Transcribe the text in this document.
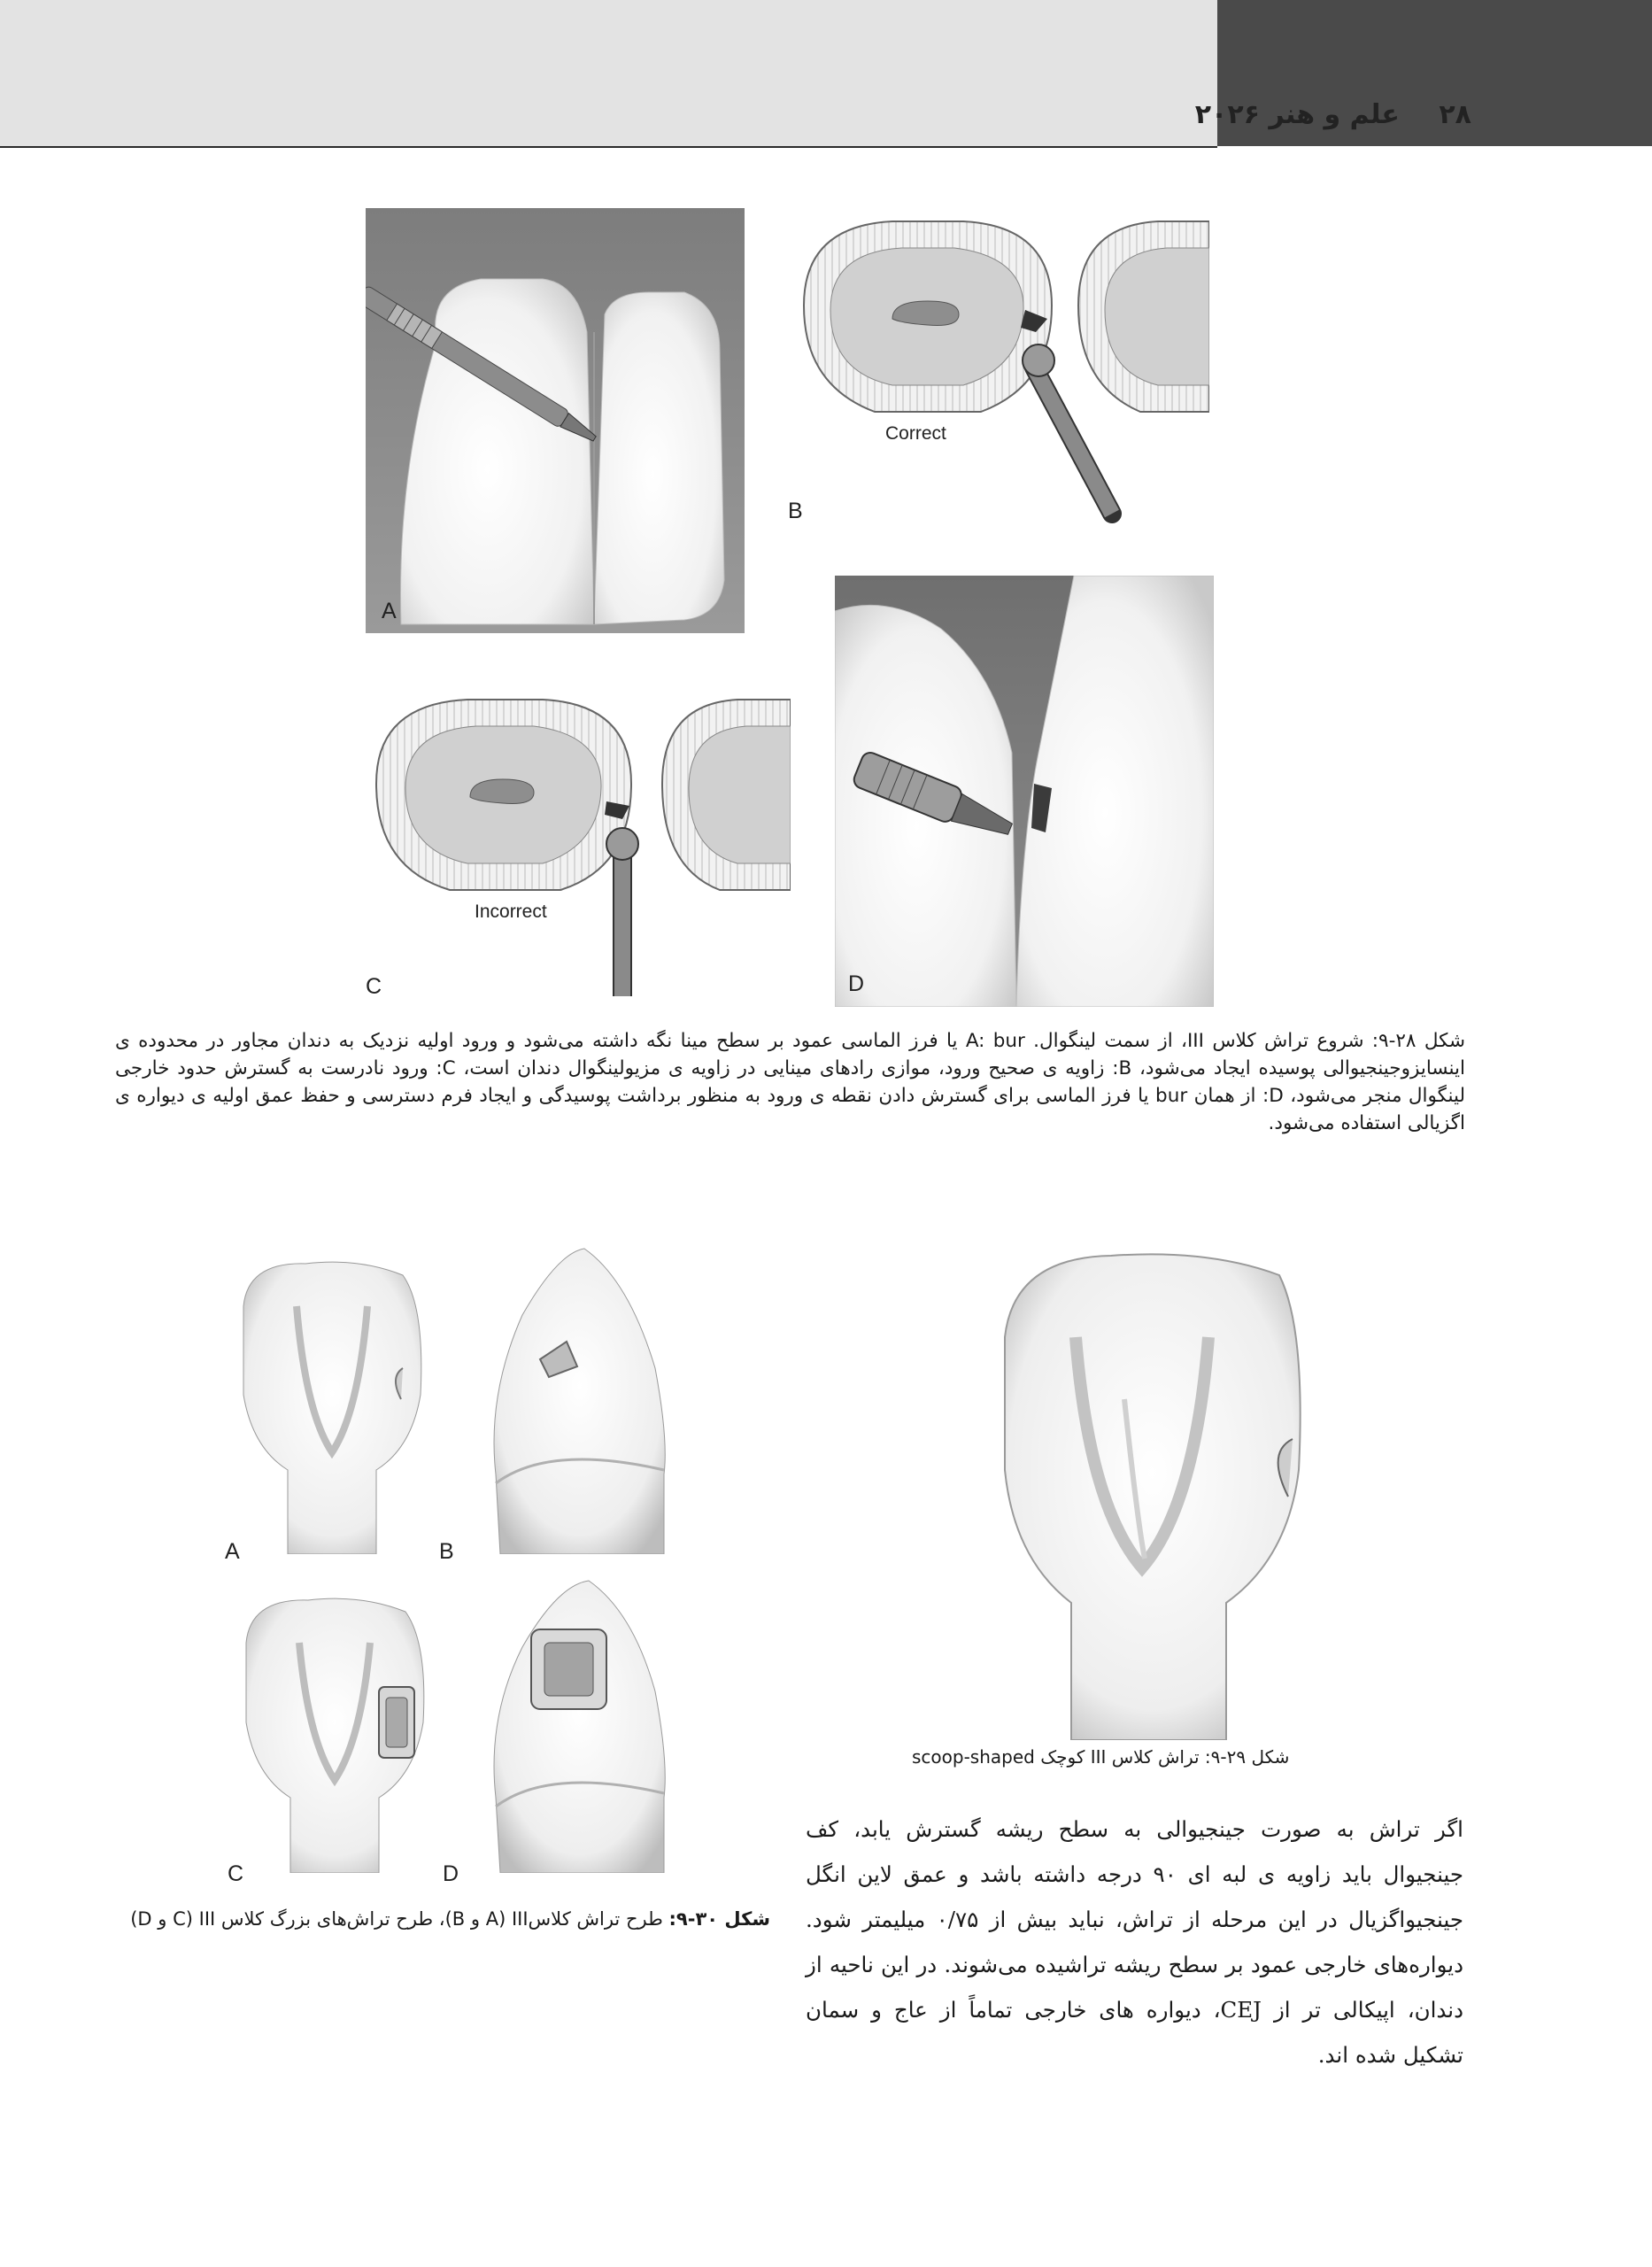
۲۸ علم و هنر ۲۰۲۶
A
Correct
B
Incorrect
C	D
شکل ۲۸-۹: شروع تراش کلاس III، از سمت لینگوال. A: bur یا فرز الماسی عمود بر سطح مینا نگه داشته می‌شود و ورود اولیه نزدیک به دندان مجاور در محدوده ی اینسایزوجینجیوالی پوسیده ایجاد می‌شود، B: زاویه ی صحیح ورود، موازی رادهای مینایی در زاویه ی مزیولینگوال دندان است، C: ورود نادرست به گسترش حدود خارجی لینگوال منجر می‌شود، D: از همان bur یا فرز الماسی برای گسترش دادن نقطه ی ورود به منظور برداشت پوسیدگی و ایجاد فرم دسترسی و حفظ عمق اولیه ی دیواره ی اگزیالی استفاده می‌شود.
A	B
C	D
شکل ۳۰-۹: طرح تراش کلاسIII (A و B)، طرح تراش‌های بزرگ کلاس III (C و D)
شکل ۲۹-۹: تراش کلاس III کوچک scoop-shaped
اگر تراش به صورت جینجیوالی به سطح ریشه گسترش یابد، کف جینجیوال باید زاویه ی لبه ای ۹۰ درجه داشته باشد و عمق لاین انگل جینجیواگزیال در این مرحله از تراش، نباید بیش از ۰/۷۵ میلیمتر شود. دیواره‌های خارجی عمود بر سطح ریشه تراشیده می‌شوند. در این ناحیه از دندان، اپیکالی تر از CEJ، دیواره های خارجی تماماً از عاج و سمان تشکیل شده اند.
